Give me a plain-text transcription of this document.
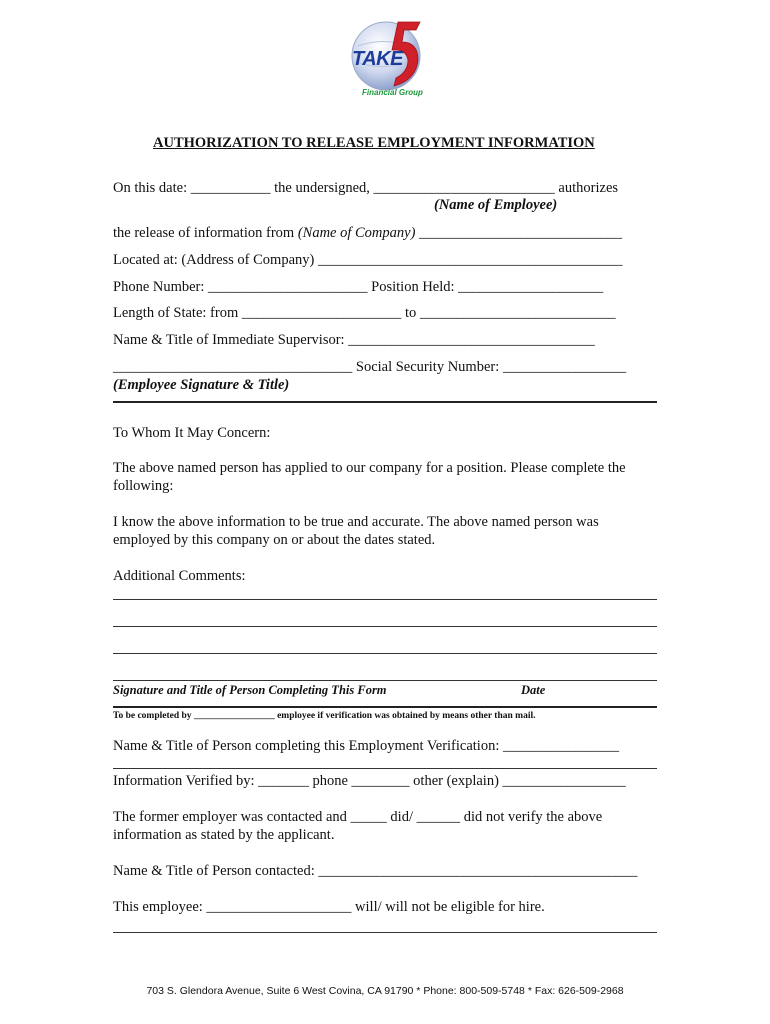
TAKE
Financial Group
AUTHORIZATION TO RELEASE EMPLOYMENT INFORMATION
On this date: ___________ the undersigned, _________________________ authorizes
(Name of Employee)
the release of information from (Name of Company) ____________________________
Located at: (Address of Company) __________________________________________
Phone Number: ______________________ Position Held: ____________________
Length of State: from ______________________ to ___________________________
Name & Title of Immediate Supervisor: __________________________________
_________________________________ Social Security Number: _________________
(Employee Signature & Title)
To Whom It May Concern:
The above named person has applied to our company for a position. Please complete the
following:
I know the above information to be true and accurate. The above named person was
employed by this company on or about the dates stated.
Additional Comments:
Signature and Title of Person Completing This Form	Date
To be completed by _________________ employee if verification was obtained by means other than mail.
Name & Title of Person completing this Employment Verification: ________________
Information Verified by: _______ phone ________ other (explain) _________________
The former employer was contacted and _____ did/ ______ did not verify the above
information as stated by the applicant.
Name & Title of Person contacted: ____________________________________________
This employee: ____________________ will/ will not be eligible for hire.
703 S. Glendora Avenue, Suite 6 West Covina, CA 91790 * Phone: 800-509-5748 * Fax: 626-509-2968
